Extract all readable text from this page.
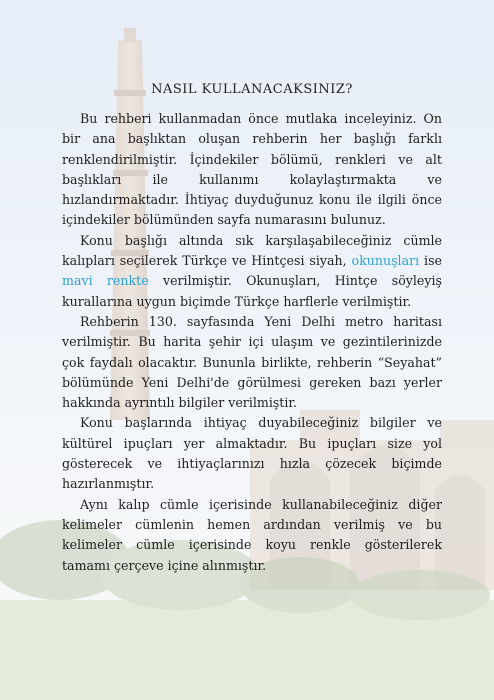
NASIL KULLANACAKSINIZ?

Bu rehberi kullanmadan önce mutlaka inceleyiniz. On bir ana başlıktan oluşan rehberin her başlığı farklı renklendirilmiştir. İçindekiler bölümü, renkleri ve alt başlıkları ile kullanımı kolaylaştırmakta ve hızlandırmaktadır. İhtiyaç duyduğunuz konu ile ilgili önce içindekiler bölümünden sayfa numarasını bulunuz.

Konu başlığı altında sık karşılaşabileceğiniz cümle kalıpları seçilerek Türkçe ve Hintçesi siyah, okunuşları ise mavi renkte verilmiştir. Okunuşları, Hintçe söyleyiş kurallarına uygun biçimde Türkçe harflerle verilmiştir.

Rehberin 130. sayfasında Yeni Delhi metro haritası verilmiştir. Bu harita şehir içi ulaşım ve gezintilerinizde çok faydalı olacaktır. Bununla birlikte, rehberin “Seyahat” bölümünde Yeni Delhi'de görülmesi gereken bazı yerler hakkında ayrıntılı bilgiler verilmiştir.

Konu başlarında ihtiyaç duyabileceğiniz bilgiler ve kültürel ipuçları yer almaktadır. Bu ipuçları size yol gösterecek ve ihtiyaçlarınızı hızla çözecek biçimde hazırlanmıştır.

Aynı kalıp cümle içerisinde kullanabileceğiniz diğer kelimeler cümlenin hemen ardından verilmiş ve bu kelimeler cümle içerisinde koyu renkle gösterilerek tamamı çerçeve içine alınmıştır.
